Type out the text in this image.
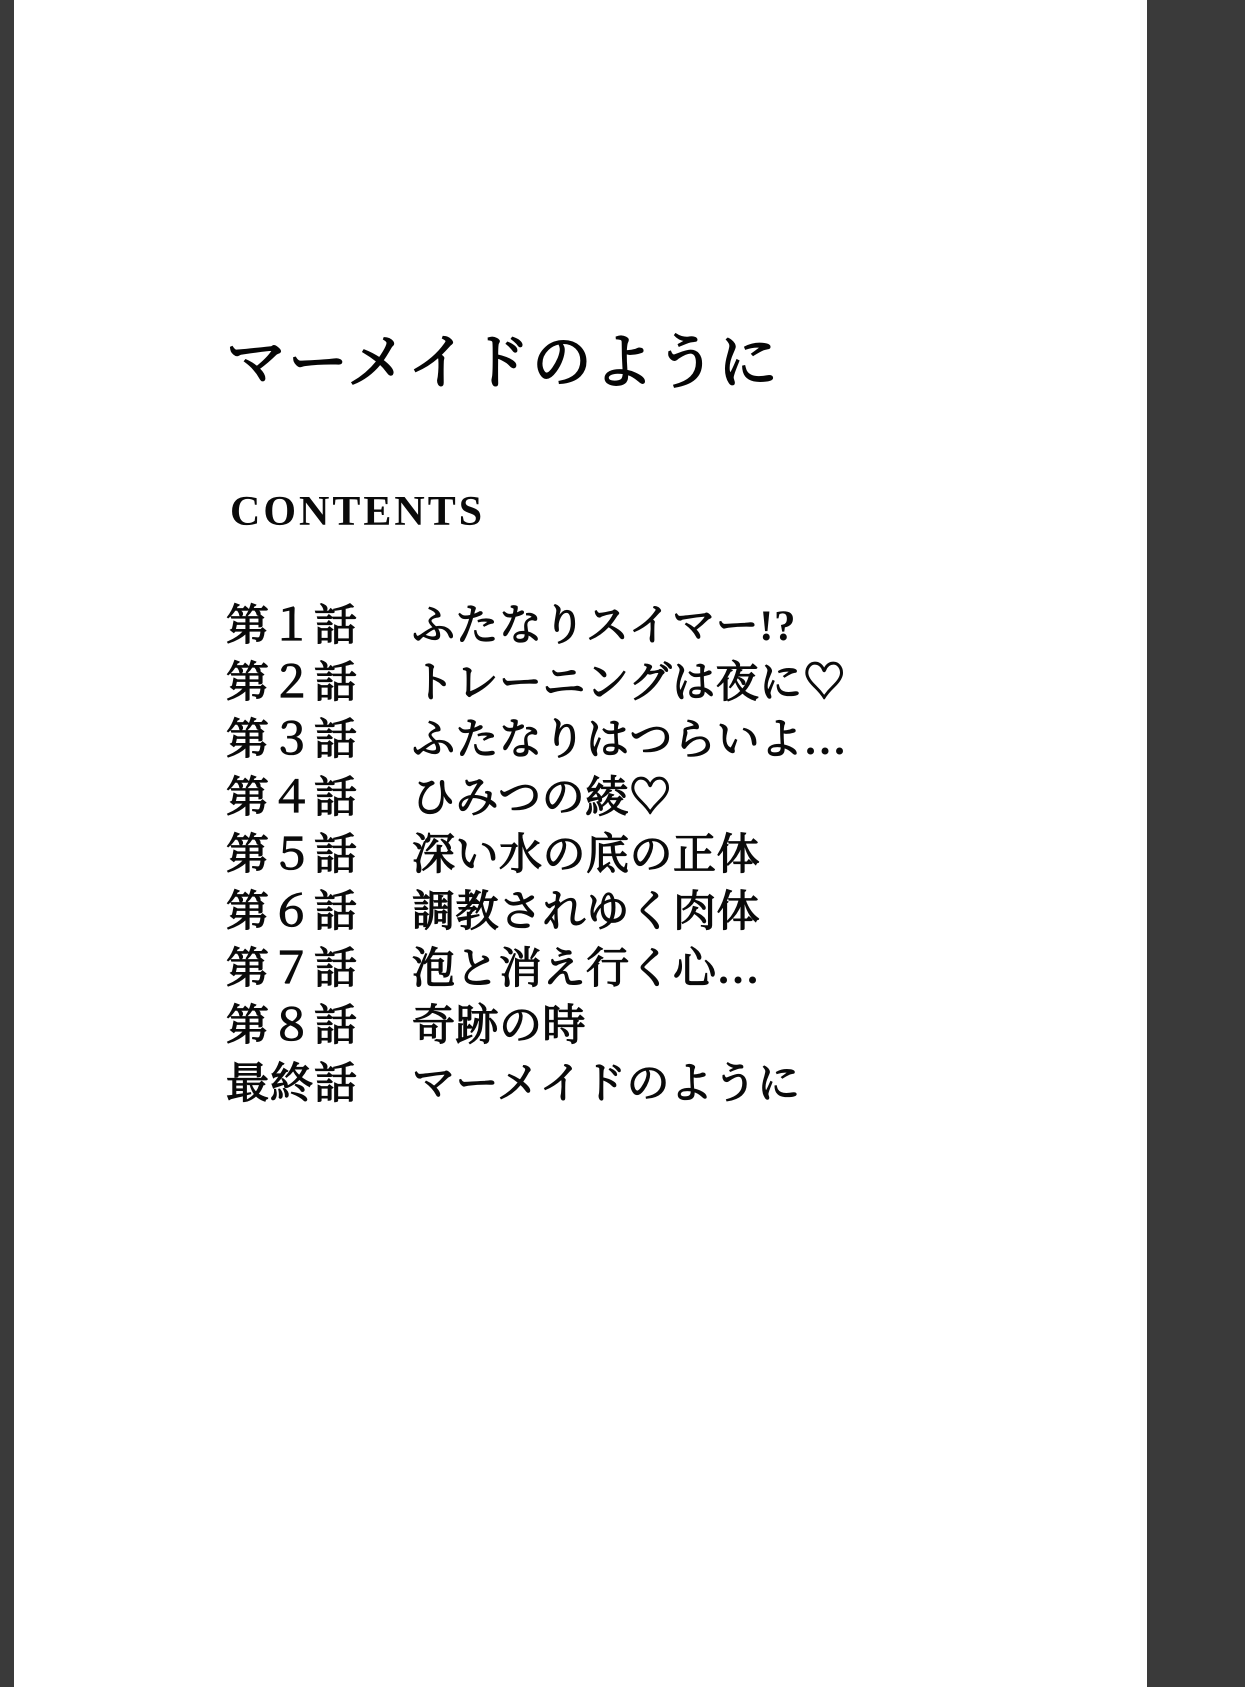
マーメイドのように
CONTENTS
第１話	ふたなりスイマー!?
第２話	トレーニングは夜に♡
第３話	ふたなりはつらいよ…
第４話	ひみつの綾♡
第５話	深い水の底の正体
第６話	調教されゆく肉体
第７話	泡と消え行く心…
第８話	奇跡の時
最終話	マーメイドのように
